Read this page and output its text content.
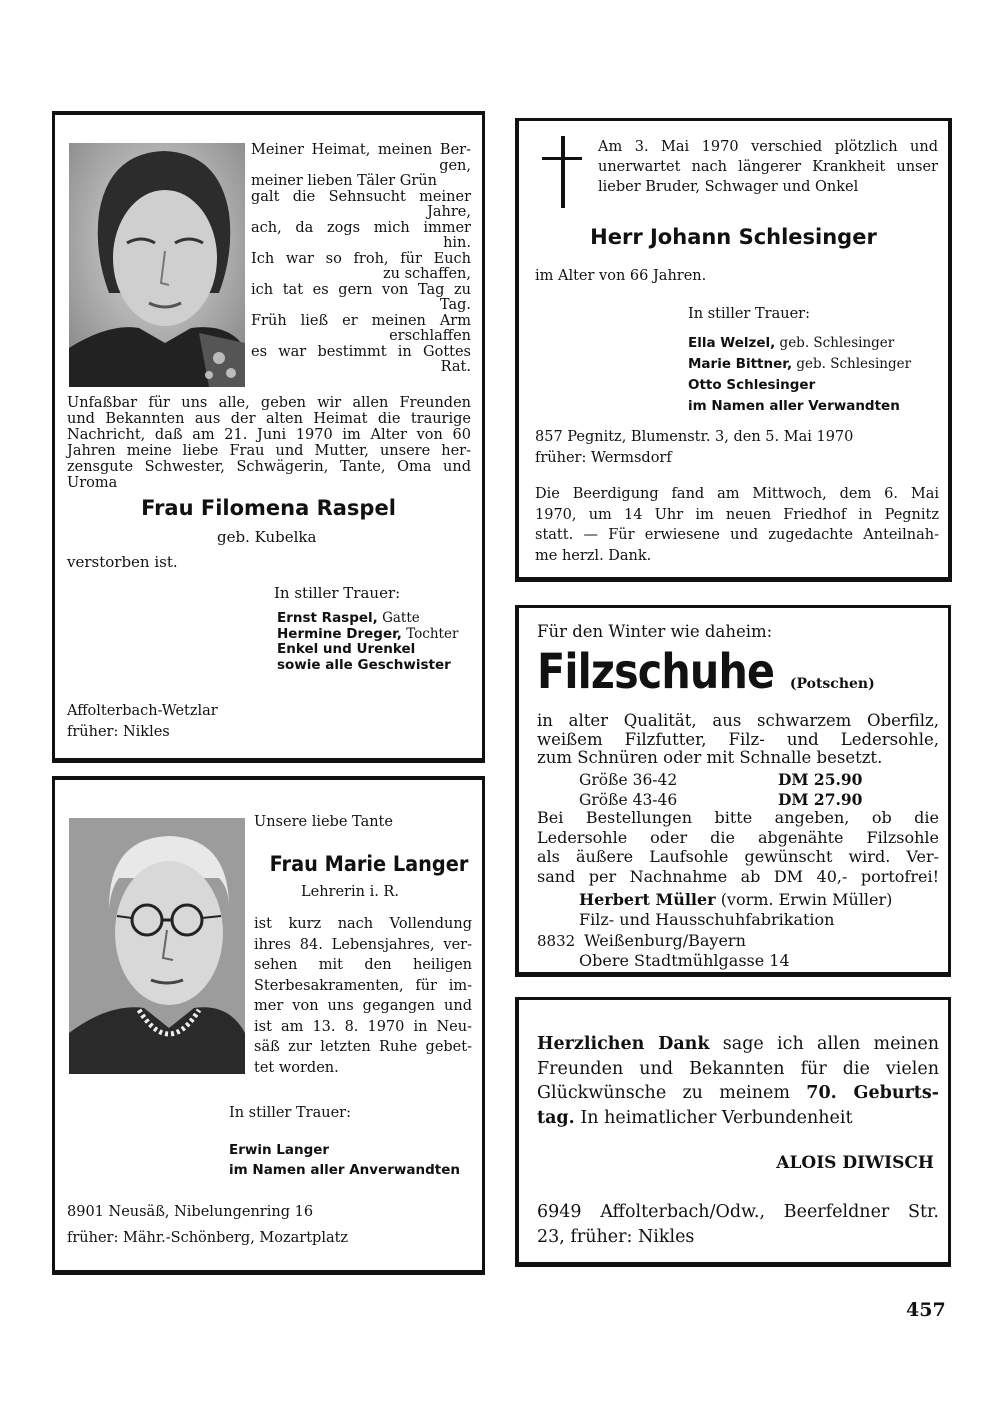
Meiner Heimat, meinen Ber-
gen,
meiner lieben Täler Grün
galt die Sehnsucht meiner
Jahre,
ach, da zogs mich immer
hin.
Ich war so froh, für Euch
zu schaffen,
ich tat es gern von Tag zu
Tag.
Früh ließ er meinen Arm
erschlaffen
es war bestimmt in Gottes
Rat.
Unfaßbar für uns alle, geben wir allen Freunden
und Bekannten aus der alten Heimat die traurige
Nachricht, daß am 21. Juni 1970 im Alter von 60
Jahren meine liebe Frau und Mutter, unsere her-
zensgute Schwester, Schwägerin, Tante, Oma und
Uroma
Frau Filomena Raspel
geb. Kubelka
verstorben ist.
In stiller Trauer:
Ernst Raspel, Gatte
Hermine Dreger, Tochter
Enkel und Urenkel
sowie alle Geschwister
Affolterbach-Wetzlar
früher: Nikles
Am 3. Mai 1970 verschied plötzlich und
unerwartet nach längerer Krankheit unser
lieber Bruder, Schwager und Onkel
Herr Johann Schlesinger
im Alter von 66 Jahren.
In stiller Trauer:
Ella Welzel, geb. Schlesinger
Marie Bittner, geb. Schlesinger
Otto Schlesinger
im Namen aller Verwandten
857 Pegnitz, Blumenstr. 3, den 5. Mai 1970
früher: Wermsdorf
Die Beerdigung fand am Mittwoch, dem 6. Mai
1970, um 14 Uhr im neuen Friedhof in Pegnitz
statt. — Für erwiesene und zugedachte Anteilnah-
me herzl. Dank.
Für den Winter wie daheim:
Filzschuhe (Potschen)
in alter Qualität, aus schwarzem Oberfilz,
weißem Filzfutter, Filz- und Ledersohle,
zum Schnüren oder mit Schnalle besetzt.
Größe 36-42	DM 25.90
Größe 43-46	DM 27.90
Bei Bestellungen bitte angeben, ob die
Ledersohle oder die abgenähte Filzsohle
als äußere Laufsohle gewünscht wird. Ver-
sand per Nachnahme ab DM 40,- portofrei!
Herbert Müller (vorm. Erwin Müller)
Filz- und Hausschuhfabrikation
8832 Weißenburg/Bayern
Obere Stadtmühlgasse 14
Unsere liebe Tante
Frau Marie Langer
Lehrerin i. R.
ist kurz nach Vollendung
ihres 84. Lebensjahres, ver-
sehen mit den heiligen
Sterbesakramenten, für im-
mer von uns gegangen und
ist am 13. 8. 1970 in Neu-
säß zur letzten Ruhe gebet-
tet worden.
In stiller Trauer:
Erwin Langer
im Namen aller Anverwandten
8901 Neusäß, Nibelungenring 16
früher: Mähr.-Schönberg, Mozartplatz
Herzlichen Dank sage ich allen meinen
Freunden und Bekannten für die vielen
Glückwünsche zu meinem 70. Geburts-
tag. In heimatlicher Verbundenheit
ALOIS DIWISCH
6949 Affolterbach/Odw., Beerfeldner Str.
23, früher: Nikles
457
